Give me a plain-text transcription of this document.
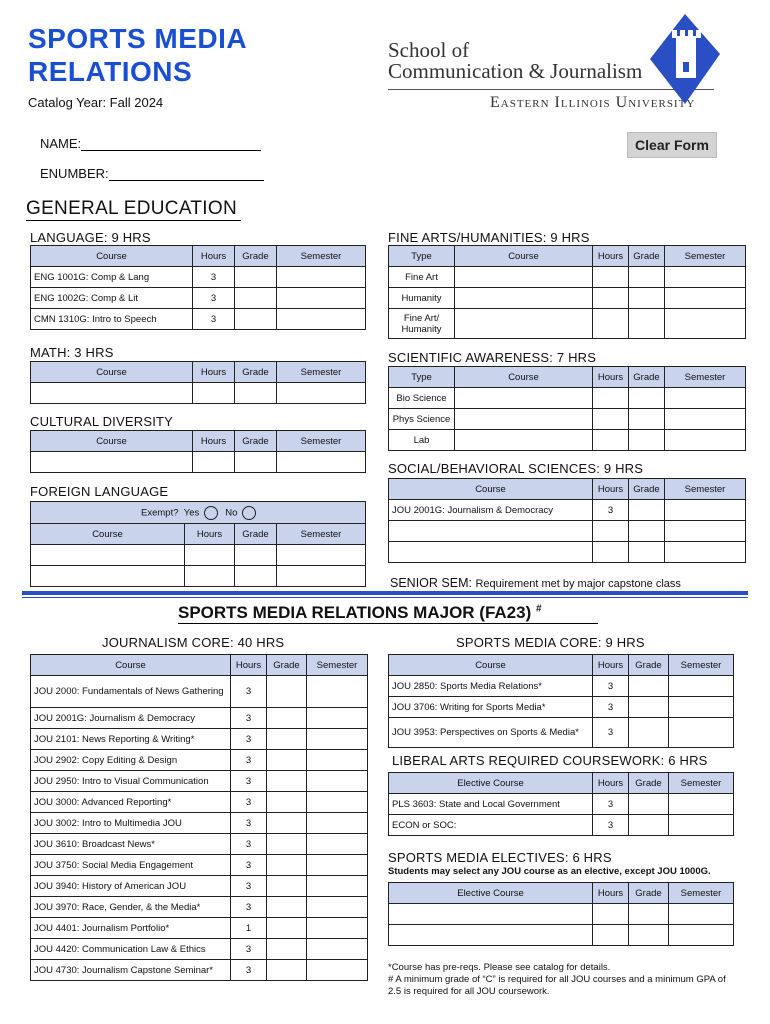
SPORTS MEDIA
RELATIONS
Catalog Year: Fall 2024
School of
Communication & Journalism
Eastern Illinois University
NAME:
ENUMBER:
Clear Form
GENERAL EDUCATION
LANGUAGE: 9 HRS
Course	Hours	Grade	Semester
ENG 1001G: Comp & Lang	3		
ENG 1002G: Comp & Lit	3		
CMN 1310G: Intro to Speech	3		
MATH: 3 HRS
Course	Hours	Grade	Semester

CULTURAL DIVERSITY
Course	Hours	Grade	Semester

FOREIGN LANGUAGE
Exempt? Yes No			
Course	Hours	Grade	Semester

FINE ARTS/HUMANITIES: 9 HRS
Type	Course	Hours	Grade	Semester
Fine Art				
Humanity				
Fine Art/ Humanity				
SCIENTIFIC AWARENESS: 7 HRS
Type	Course	Hours	Grade	Semester
Bio Science				
Phys Science				
Lab				
SOCIAL/BEHAVIORAL SCIENCES: 9 HRS
Course	Hours	Grade	Semester
JOU 2001G: Journalism & Democracy	3		

SENIOR SEM: Requirement met by major capstone class
SPORTS MEDIA RELATIONS MAJOR (FA23) #
JOURNALISM CORE: 40 HRS
Course	Hours	Grade	Semester
JOU 2000: Fundamentals of News Gathering	3		
JOU 2001G: Journalism & Democracy	3		
JOU 2101: News Reporting & Writing*	3		
JOU 2902: Copy Editing & Design	3		
JOU 2950: Intro to Visual Communication	3		
JOU 3000: Advanced Reporting*	3		
JOU 3002: Intro to Multimedia JOU	3		
JOU 3610: Broadcast News*	3		
JOU 3750: Social Media Engagement	3		
JOU 3940: History of American JOU	3		
JOU 3970: Race, Gender, & the Media*	3		
JOU 4401: Journalism Portfolio*	1		
JOU 4420: Communication Law & Ethics	3		
JOU 4730: Journalism Capstone Seminar*	3		
SPORTS MEDIA CORE: 9 HRS
Course	Hours	Grade	Semester
JOU 2850: Sports Media Relations*	3		
JOU 3706: Writing for Sports Media*	3		
JOU 3953: Perspectives on Sports & Media*	3		
LIBERAL ARTS REQUIRED COURSEWORK: 6 HRS
Elective Course	Hours	Grade	Semester
PLS 3603: State and Local Government	3		
ECON or SOC:	3		
SPORTS MEDIA ELECTIVES: 6 HRS
Students may select any JOU course as an elective, except JOU 1000G.
Elective Course	Hours	Grade	Semester

*Course has pre-reqs. Please see catalog for details.
# A minimum grade of “C” is required for all JOU courses and a minimum GPA of 2.5 is required for all JOU coursework.
